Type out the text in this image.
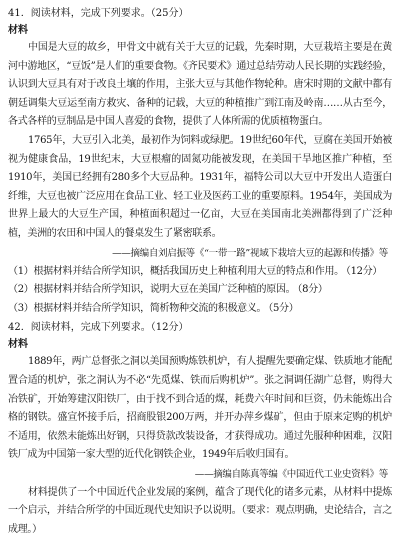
41．阅读材料，完成下列要求。（25分）
材料

中国是大豆的故乡，甲骨文中就有关于大豆的记载，先秦时期，大豆栽培主要是在黄河中游地区，“豆饭”是人们的重要食物。《齐民要术》通过总结劳动人民长期的实践经验，认识到大豆具有对于改良土壤的作用，主张大豆与其他作物轮种。唐宋时期的文献中都有朝廷调集大豆运至南方救灾、备种的记载，大豆的种植推广到江南及岭南……从古至今，各式各样的豆制品是中国人喜爱的食物，提供了人体所需的优质植物蛋白。

1765年，大豆引入北美，最初作为饲料或绿肥。19世纪60年代，豆腐在美国开始被视为健康食品，19世纪末，大豆根瘤的固氮功能被发现，在美国干旱地区推广种植，至1910年，美国已经拥有280多个大豆品种。1931年，福特公司以大豆中开发出人造蛋白纤维，大豆也被广泛应用在食品工业、轻工业及医药工业的重要原料。1954年，美国成为世界上最大的大豆生产国，种植面积超过一亿亩，大豆在美国南北美洲都得到了广泛种植，美洲的农田和中国人的餐桌发生了紧密联系。

——摘编自刘启振等《“一带一路”视域下栽培大豆的起源和传播》等

（1）根据材料并结合所学知识，概括我国历史上种植利用大豆的特点和作用。 （12分）

（2）根据材料并结合所学知识，说明大豆在美国广泛种植的原因。 （8分）

（3）根据材料并结合所学知识，简析物种交流的积极意义。 （5分）

42．阅读材料，完成下列要求。（12分）
材料

1889年，两广总督张之洞以美国预购炼铁机炉，有人提醒先要确定煤、铁质地才能配置合适的机炉，张之洞认为不必“先觅煤、铁而后购机炉”。张之洞调任湖广总督，购得大冶铁矿，开始筹建汉阳铁厂，由于找不到合适的煤，耗费六年时间和巨资，仍未能炼出合格的钢铁。盛宣怀接手后，招商股银200万两，并开办萍乡煤矿，但由于原来定购的机炉不适用，依然未能炼出好钢，只得贷款改装设备，才获得成功。通过先服种种困难，汉阳铁厂成为中国第一家大型的近代化钢铁企业，1949年后收归国有。

——摘编自陈真等编《中国近代工业史资料》等

材料提供了一个中国近代企业发展的案例，蕴含了现代化的诸多元素，从材料中提炼一个启示，并结合所学的中国近现代史知识予以说明。（要求：观点明确，史论结合，言之成理。）
